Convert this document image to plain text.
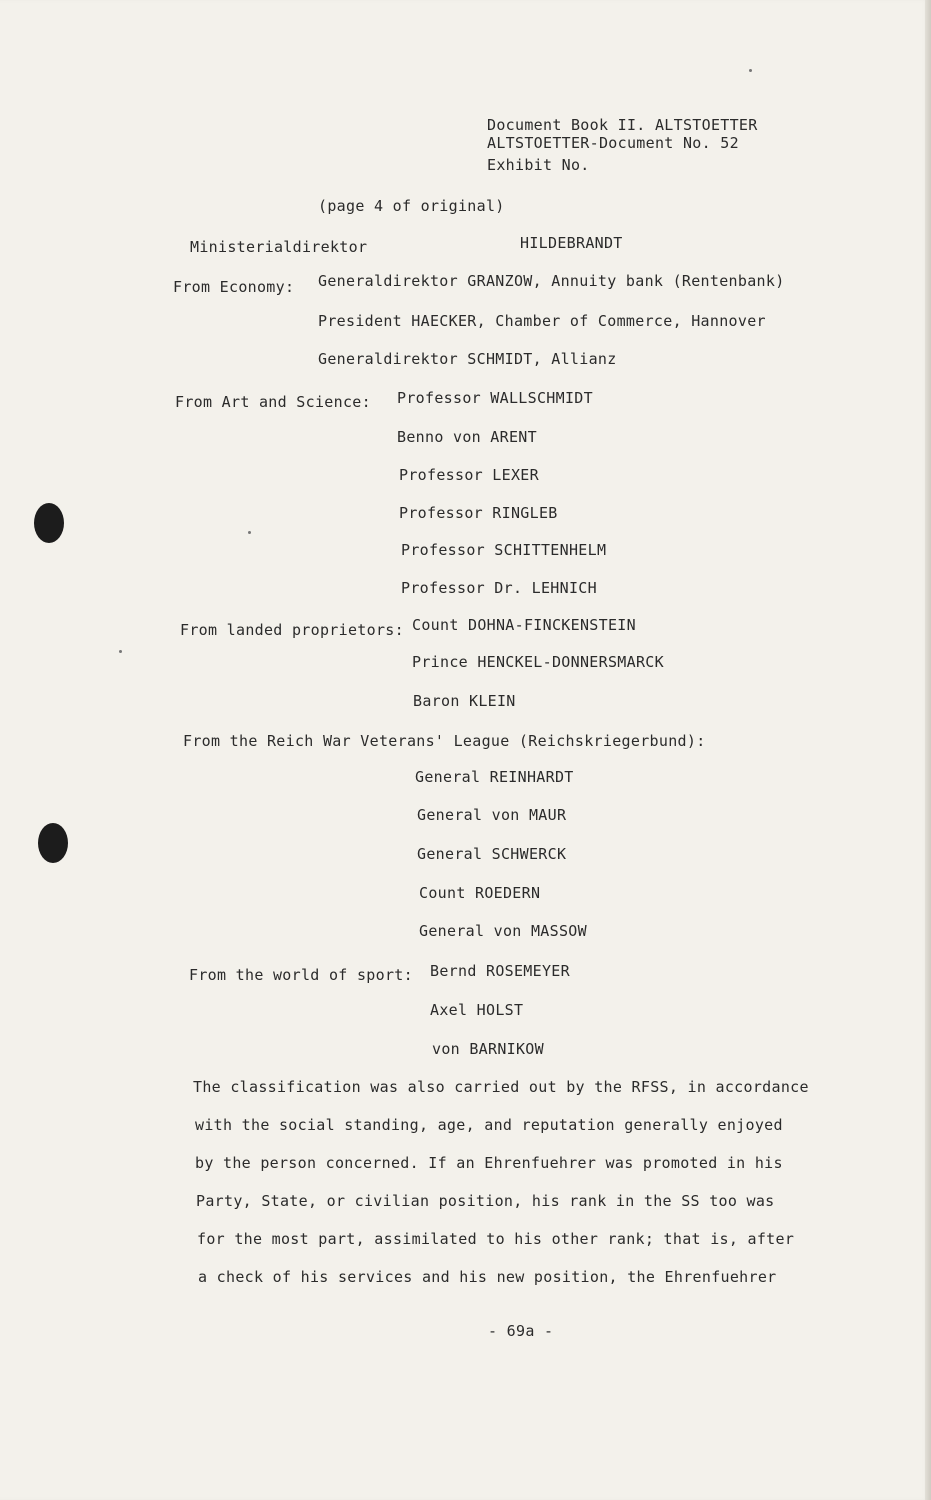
Document Book II. ALTSTOETTER
ALTSTOETTER-Document No. 52
Exhibit No.
(page 4 of original)
Ministerialdirektor	HILDEBRANDT
From Economy: Generaldirektor GRANZOW, Annuity bank (Rentenbank)
President HAECKER, Chamber of Commerce, Hannover
Generaldirektor SCHMIDT, Allianz
From Art and Science: Professor WALLSCHMIDT
Benno von ARENT
Professor LEXER
Professor RINGLEB
Professor SCHITTENHELM
Professor Dr. LEHNICH
From landed proprietors: Count DOHNA-FINCKENSTEIN
Prince HENCKEL-DONNERSMARCK
Baron KLEIN
From the Reich War Veterans' League (Reichskriegerbund):
General REINHARDT
General von MAUR
General SCHWERCK
Count ROEDERN
General von MASSOW
From the world of sport: Bernd ROSEMEYER
Axel HOLST
von BARNIKOW
The classification was also carried out by the RFSS, in accordance
with the social standing, age, and reputation generally enjoyed
by the person concerned. If an Ehrenfuehrer was promoted in his
Party, State, or civilian position, his rank in the SS too was
for the most part, assimilated to his other rank; that is, after
a check of his services and his new position, the Ehrenfuehrer
- 69a -
